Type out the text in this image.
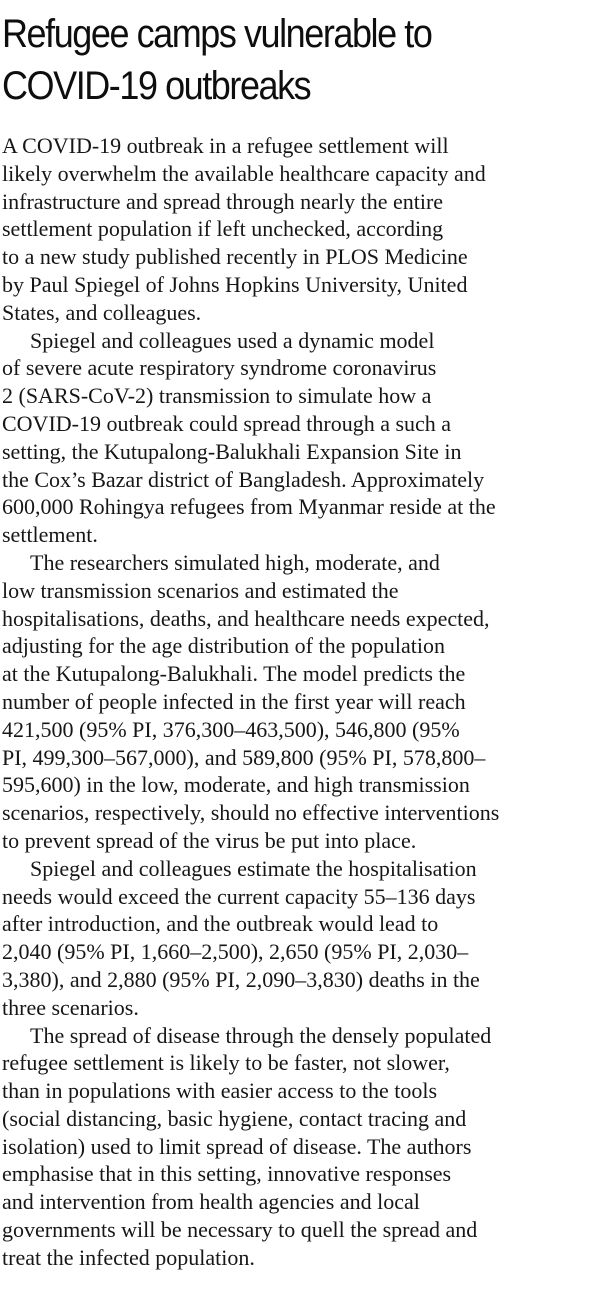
Refugee camps vulnerable to
COVID-19 outbreaks

A COVID-19 outbreak in a refugee settlement will
likely overwhelm the available healthcare capacity and
infrastructure and spread through nearly the entire
settlement population if left unchecked, according
to a new study published recently in PLOS Medicine
by Paul Spiegel of Johns Hopkins University, United
States, and colleagues.

Spiegel and colleagues used a dynamic model
of severe acute respiratory syndrome coronavirus
2 (SARS-CoV-2) transmission to simulate how a
COVID-19 outbreak could spread through a such a
setting, the Kutupalong-Balukhali Expansion Site in
the Cox’s Bazar district of Bangladesh. Approximately
600,000 Rohingya refugees from Myanmar reside at the
settlement.

The researchers simulated high, moderate, and
low transmission scenarios and estimated the
hospitalisations, deaths, and healthcare needs expected,
adjusting for the age distribution of the population
at the Kutupalong-Balukhali. The model predicts the
number of people infected in the first year will reach
421,500 (95% PI, 376,300–463,500), 546,800 (95%
PI, 499,300–567,000), and 589,800 (95% PI, 578,800–
595,600) in the low, moderate, and high transmission
scenarios, respectively, should no effective interventions
to prevent spread of the virus be put into place.

Spiegel and colleagues estimate the hospitalisation
needs would exceed the current capacity 55–136 days
after introduction, and the outbreak would lead to
2,040 (95% PI, 1,660–2,500), 2,650 (95% PI, 2,030–
3,380), and 2,880 (95% PI, 2,090–3,830) deaths in the
three scenarios.

The spread of disease through the densely populated
refugee settlement is likely to be faster, not slower,
than in populations with easier access to the tools
(social distancing, basic hygiene, contact tracing and
isolation) used to limit spread of disease. The authors
emphasise that in this setting, innovative responses
and intervention from health agencies and local
governments will be necessary to quell the spread and
treat the infected population.
